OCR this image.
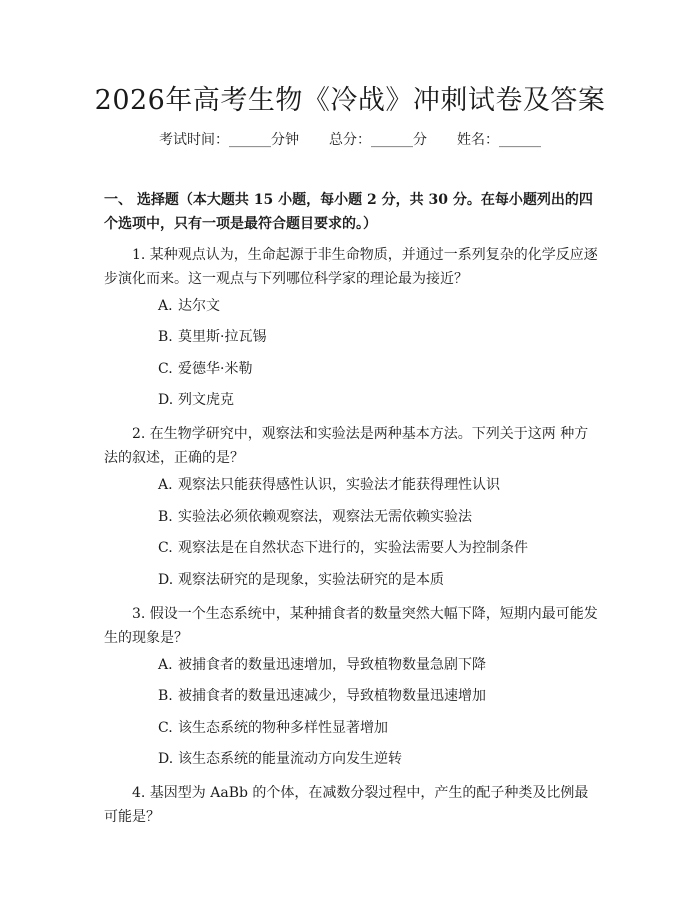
2026年高考生物《冷战》冲刺试卷及答案
考试时间：______分钟 总分：______分 姓名：______
一、 选择题（本大题共 15 小题，每小题 2 分，共 30 分。在每小题列出的四个选项中，只有一项是最符合题目要求的。）
1. 某种观点认为，生命起源于非生命物质，并通过一系列复杂的化学反应逐步演化而来。这一观点与下列哪位科学家的理论最为接近？
A. 达尔文
B. 莫里斯·拉瓦锡
C. 爱德华·米勒
D. 列文虎克
2. 在生物学研究中，观察法和实验法是两种基本方法。下列关于这两 种方法的叙述，正确的是？
A. 观察法只能获得感性认识，实验法才能获得理性认识
B. 实验法必须依赖观察法，观察法无需依赖实验法
C. 观察法是在自然状态下进行的，实验法需要人为控制条件
D. 观察法研究的是现象，实验法研究的是本质
3. 假设一个生态系统中，某种捕食者的数量突然大幅下降，短期内最可能发生的现象是？
A. 被捕食者的数量迅速增加，导致植物数量急剧下降
B. 被捕食者的数量迅速减少，导致植物数量迅速增加
C. 该生态系统的物种多样性显著增加
D. 该生态系统的能量流动方向发生逆转
4. 基因型为 AaBb 的个体，在减数分裂过程中，产生的配子种类及比例最可能是？
